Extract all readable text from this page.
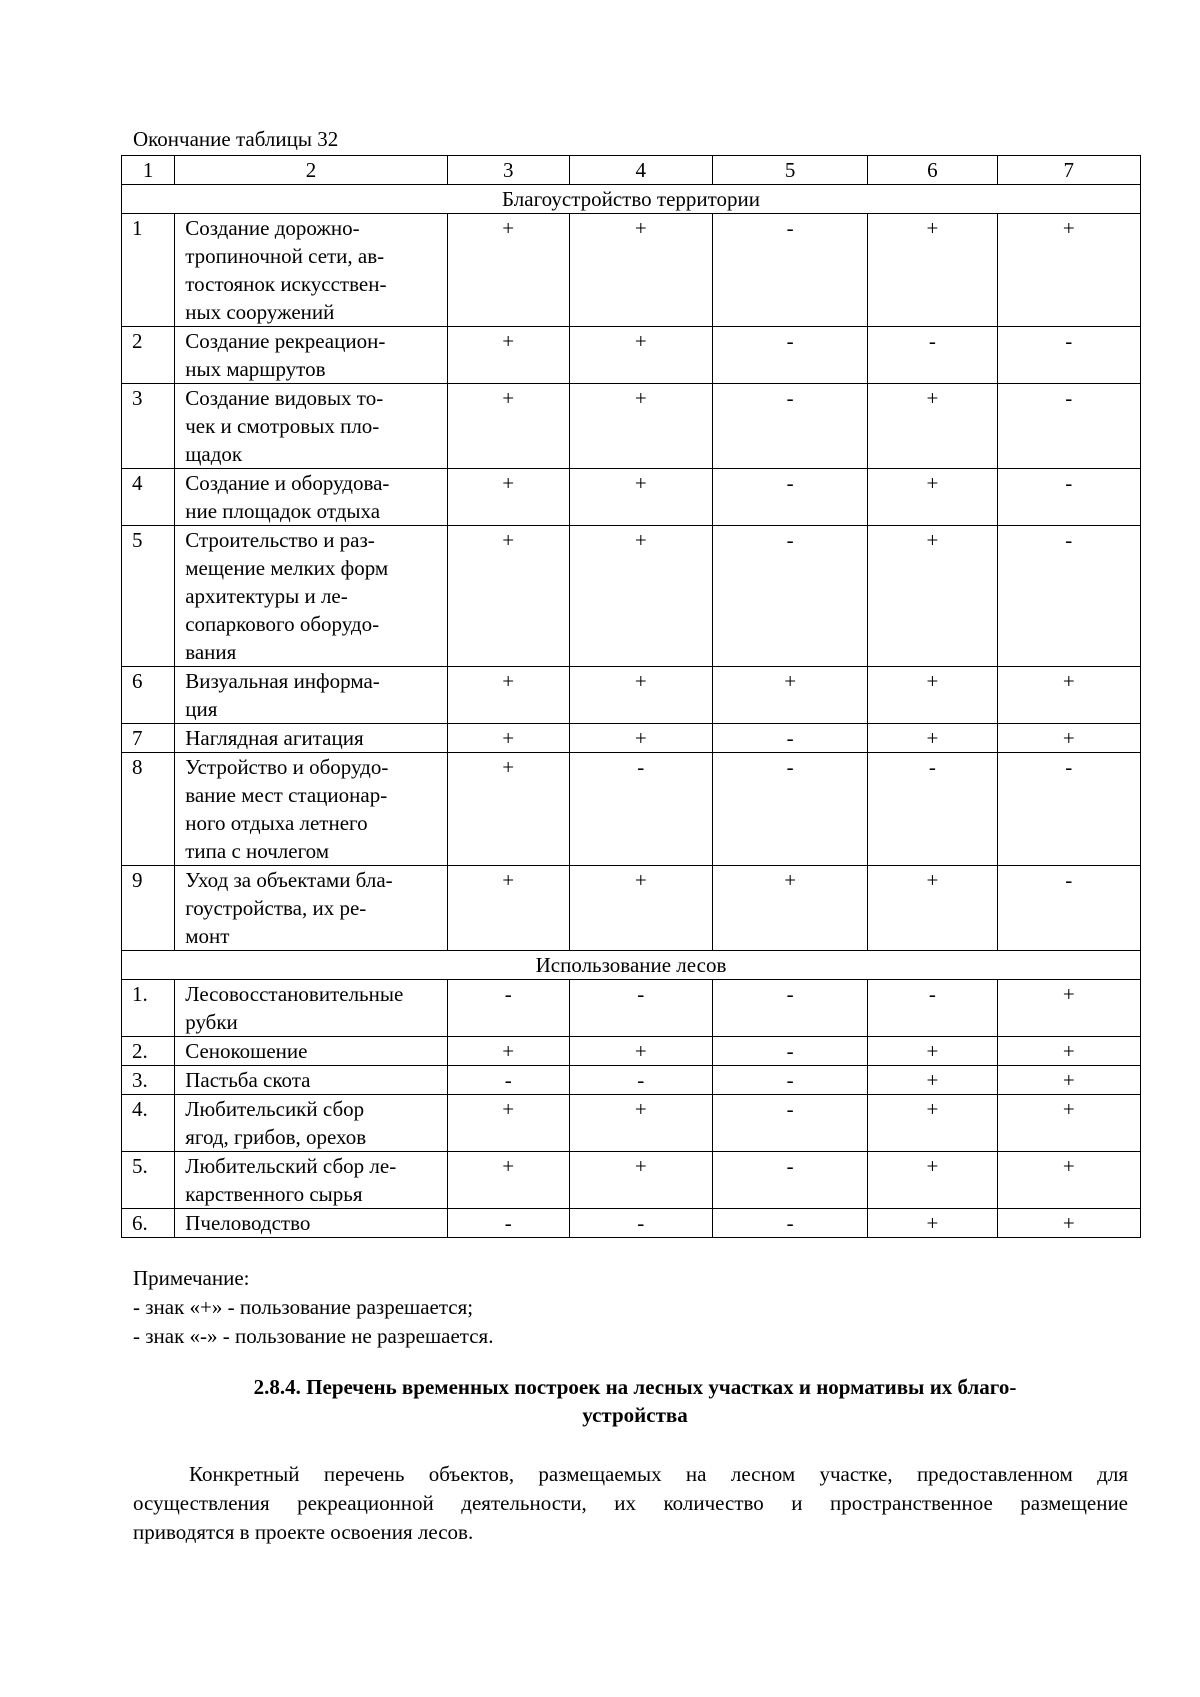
Окончание таблицы 32
1	2	3	4	5	6	7
Благоустройство территории						
1	Создание дорожно-
тропиночной сети, ав-
тостоянок искусствен-
ных сооружений	+	+	-	+	+
2	Создание рекреацион-
ных маршрутов	+	+	-	-	-
3	Создание видовых то-
чек и смотровых пло-
щадок	+	+	-	+	-
4	Создание и оборудова-
ние площадок отдыха	+	+	-	+	-
5	Строительство и раз-
мещение мелких форм
архитектуры и ле-
сопаркового оборудо-
вания	+	+	-	+	-
6	Визуальная информа-
ция	+	+	+	+	+
7	Наглядная агитация	+	+	-	+	+
8	Устройство и оборудо-
вание мест стационар-
ного отдыха летнего
типа с ночлегом	+	-	-	-	-
9	Уход за объектами бла-
гоустройства, их ре-
монт	+	+	+	+	-
Использование лесов						
1.	Лесовосстановительные
рубки	-	-	-	-	+
2.	Сенокошение	+	+	-	+	+
3.	Пастьба скота	-	-	-	+	+
4.	Любительсикй сбор
ягод, грибов, орехов	+	+	-	+	+
5.	Любительский сбор ле-
карственного сырья	+	+	-	+	+
6.	Пчеловодство	-	-	-	+	+
Примечание:
- знак «+» - пользование разрешается;
- знак «-» - пользование не разрешается.
2.8.4. Перечень временных построек на лесных участках и нормативы их благо-
устройства
Конкретный перечень объектов, размещаемых на лесном участке, предоставленном для
осуществления рекреационной деятельности, их количество и пространственное размещение
приводятся в проекте освоения лесов.
